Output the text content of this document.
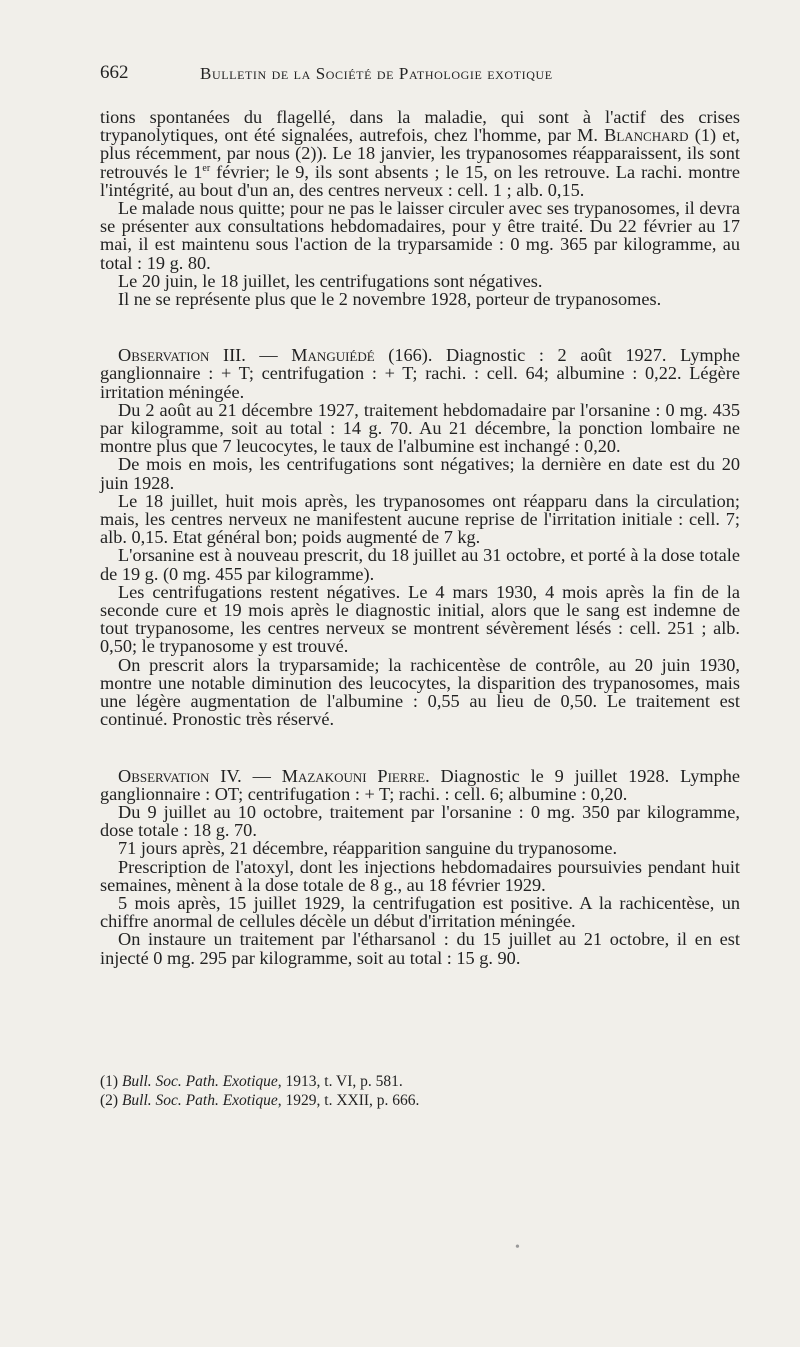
662	Bulletin de la Société de Pathologie exotique

tions spontanées du flagellé, dans la maladie, qui sont à l'actif des crises trypanolytiques, ont été signalées, autrefois, chez l'homme, par M. Blanchard (1) et, plus récemment, par nous (2)). Le 18 janvier, les trypanosomes réapparaissent, ils sont retrouvés le 1er février; le 9, ils sont absents ; le 15, on les retrouve. La rachi. montre l'intégrité, au bout d'un an, des centres nerveux : cell. 1 ; alb. 0,15.

Le malade nous quitte; pour ne pas le laisser circuler avec ses trypanosomes, il devra se présenter aux consultations hebdomadaires, pour y être traité. Du 22 février au 17 mai, il est maintenu sous l'action de la tryparsamide : 0 mg. 365 par kilogramme, au total : 19 g. 80.

Le 20 juin, le 18 juillet, les centrifugations sont négatives.

Il ne se représente plus que le 2 novembre 1928, porteur de trypanosomes.

Observation III. — Manguiédé (166). Diagnostic : 2 août 1927. Lymphe ganglionnaire : + T; centrifugation : + T; rachi. : cell. 64; albumine : 0,22. Légère irritation méningée.

Du 2 août au 21 décembre 1927, traitement hebdomadaire par l'orsanine : 0 mg. 435 par kilogramme, soit au total : 14 g. 70. Au 21 décembre, la ponction lombaire ne montre plus que 7 leucocytes, le taux de l'albumine est inchangé : 0,20.

De mois en mois, les centrifugations sont négatives; la dernière en date est du 20 juin 1928.

Le 18 juillet, huit mois après, les trypanosomes ont réapparu dans la circulation; mais, les centres nerveux ne manifestent aucune reprise de l'irritation initiale : cell. 7; alb. 0,15. Etat général bon; poids augmenté de 7 kg.

L'orsanine est à nouveau prescrit, du 18 juillet au 31 octobre, et porté à la dose totale de 19 g. (0 mg. 455 par kilogramme).

Les centrifugations restent négatives. Le 4 mars 1930, 4 mois après la fin de la seconde cure et 19 mois après le diagnostic initial, alors que le sang est indemne de tout trypanosome, les centres nerveux se montrent sévèrement lésés : cell. 251 ; alb. 0,50; le trypanosome y est trouvé.

On prescrit alors la tryparsamide; la rachicentèse de contrôle, au 20 juin 1930, montre une notable diminution des leucocytes, la disparition des trypanosomes, mais une légère augmentation de l'albumine : 0,55 au lieu de 0,50. Le traitement est continué. Pronostic très réservé.

Observation IV. — Mazakouni Pierre. Diagnostic le 9 juillet 1928. Lymphe ganglionnaire : OT; centrifugation : + T; rachi. : cell. 6; albumine : 0,20.

Du 9 juillet au 10 octobre, traitement par l'orsanine : 0 mg. 350 par kilogramme, dose totale : 18 g. 70.

71 jours après, 21 décembre, réapparition sanguine du trypanosome.

Prescription de l'atoxyl, dont les injections hebdomadaires poursuivies pendant huit semaines, mènent à la dose totale de 8 g., au 18 février 1929.

5 mois après, 15 juillet 1929, la centrifugation est positive. A la rachicentèse, un chiffre anormal de cellules décèle un début d'irritation méningée.

On instaure un traitement par l'étharsanol : du 15 juillet au 21 octobre, il en est injecté 0 mg. 295 par kilogramme, soit au total : 15 g. 90.

(1) Bull. Soc. Path. Exotique, 1913, t. VI, p. 581.
(2) Bull. Soc. Path. Exotique, 1929, t. XXII, p. 666.
•
